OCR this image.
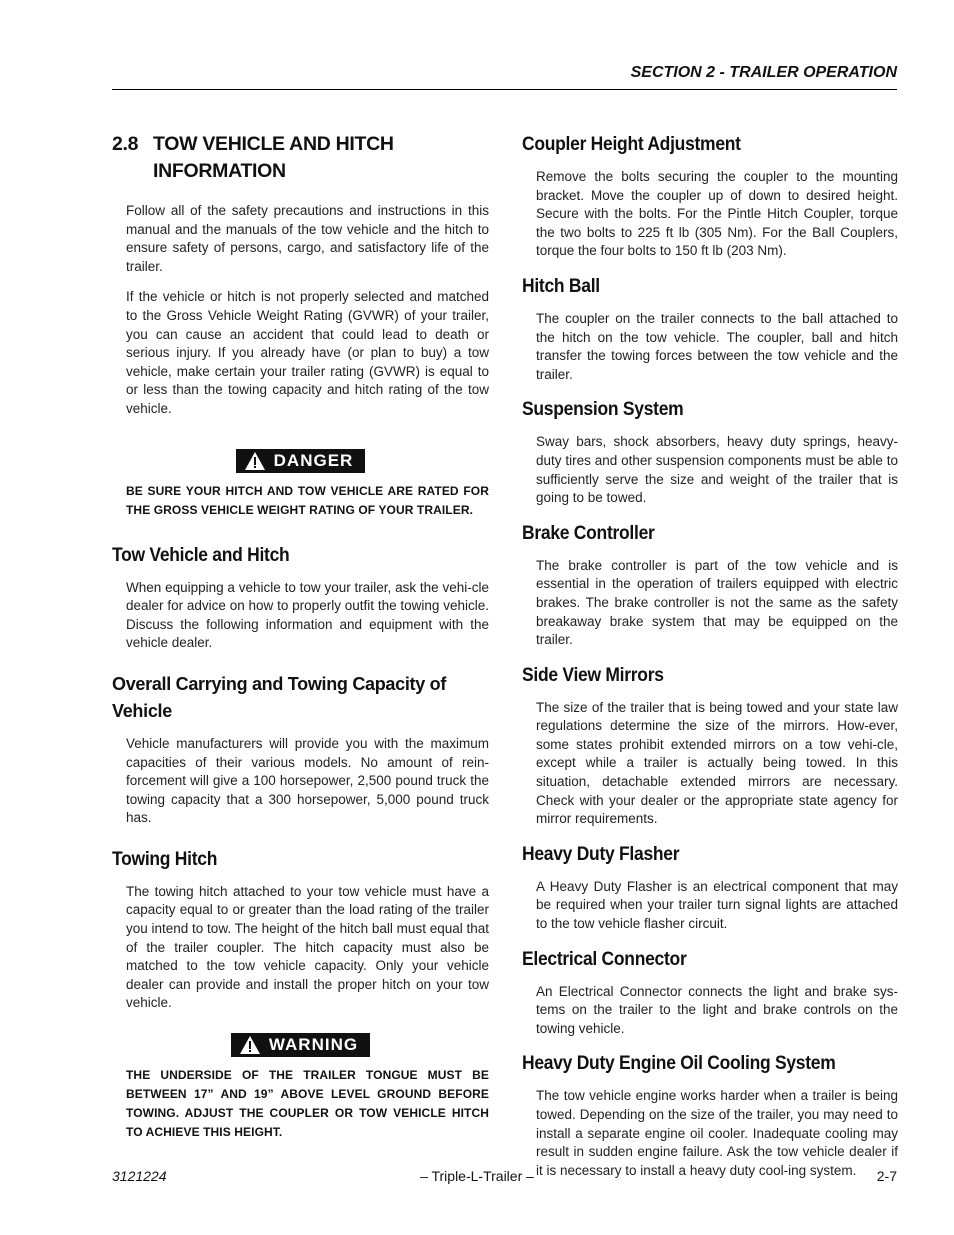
SECTION 2 - TRAILER OPERATION
2.8 TOW VEHICLE AND HITCH INFORMATION

Follow all of the safety precautions and instructions in this manual and the manuals of the tow vehicle and the hitch to ensure safety of persons, cargo, and satisfactory life of the trailer.

If the vehicle or hitch is not properly selected and matched to the Gross Vehicle Weight Rating (GVWR) of your trailer, you can cause an accident that could lead to death or serious injury. If you already have (or plan to buy) a tow vehicle, make certain your trailer rating (GVWR) is equal to or less than the towing capacity and hitch rating of the tow vehicle.

DANGER

BE SURE YOUR HITCH AND TOW VEHICLE ARE RATED FOR THE GROSS VEHICLE WEIGHT RATING OF YOUR TRAILER.

Tow Vehicle and Hitch

When equipping a vehicle to tow your trailer, ask the vehi-cle dealer for advice on how to properly outfit the towing vehicle. Discuss the following information and equipment with the vehicle dealer.

Overall Carrying and Towing Capacity of Vehicle

Vehicle manufacturers will provide you with the maximum capacities of their various models. No amount of rein-forcement will give a 100 horsepower, 2,500 pound truck the towing capacity that a 300 horsepower, 5,000 pound truck has.

Towing Hitch

The towing hitch attached to your tow vehicle must have a capacity equal to or greater than the load rating of the trailer you intend to tow. The height of the hitch ball must equal that of the trailer coupler. The hitch capacity must also be matched to the tow vehicle capacity. Only your vehicle dealer can provide and install the proper hitch on your tow vehicle.

WARNING

THE UNDERSIDE OF THE TRAILER TONGUE MUST BE BETWEEN 17” AND 19” ABOVE LEVEL GROUND BEFORE TOWING. ADJUST THE COUPLER OR TOW VEHICLE HITCH TO ACHIEVE THIS HEIGHT.

Coupler Height Adjustment

Remove the bolts securing the coupler to the mounting bracket. Move the coupler up of down to desired height. Secure with the bolts. For the Pintle Hitch Coupler, torque the two bolts to 225 ft lb (305 Nm). For the Ball Couplers, torque the four bolts to 150 ft lb (203 Nm).

Hitch Ball

The coupler on the trailer connects to the ball attached to the hitch on the tow vehicle. The coupler, ball and hitch transfer the towing forces between the tow vehicle and the trailer.

Suspension System

Sway bars, shock absorbers, heavy duty springs, heavy-duty tires and other suspension components must be able to sufficiently serve the size and weight of the trailer that is going to be towed.

Brake Controller

The brake controller is part of the tow vehicle and is essential in the operation of trailers equipped with electric brakes. The brake controller is not the same as the safety breakaway brake system that may be equipped on the trailer.

Side View Mirrors

The size of the trailer that is being towed and your state law regulations determine the size of the mirrors. How-ever, some states prohibit extended mirrors on a tow vehi-cle, except while a trailer is actually being towed. In this situation, detachable extended mirrors are necessary. Check with your dealer or the appropriate state agency for mirror requirements.

Heavy Duty Flasher

A Heavy Duty Flasher is an electrical component that may be required when your trailer turn signal lights are attached to the tow vehicle flasher circuit.

Electrical Connector

An Electrical Connector connects the light and brake sys-tems on the trailer to the light and brake controls on the towing vehicle.

Heavy Duty Engine Oil Cooling System

The tow vehicle engine works harder when a trailer is being towed. Depending on the size of the trailer, you may need to install a separate engine oil cooler. Inadequate cooling may result in sudden engine failure. Ask the tow vehicle dealer if it is necessary to install a heavy duty cool-ing system.

3121224	– Triple-L-Trailer –	2-7
